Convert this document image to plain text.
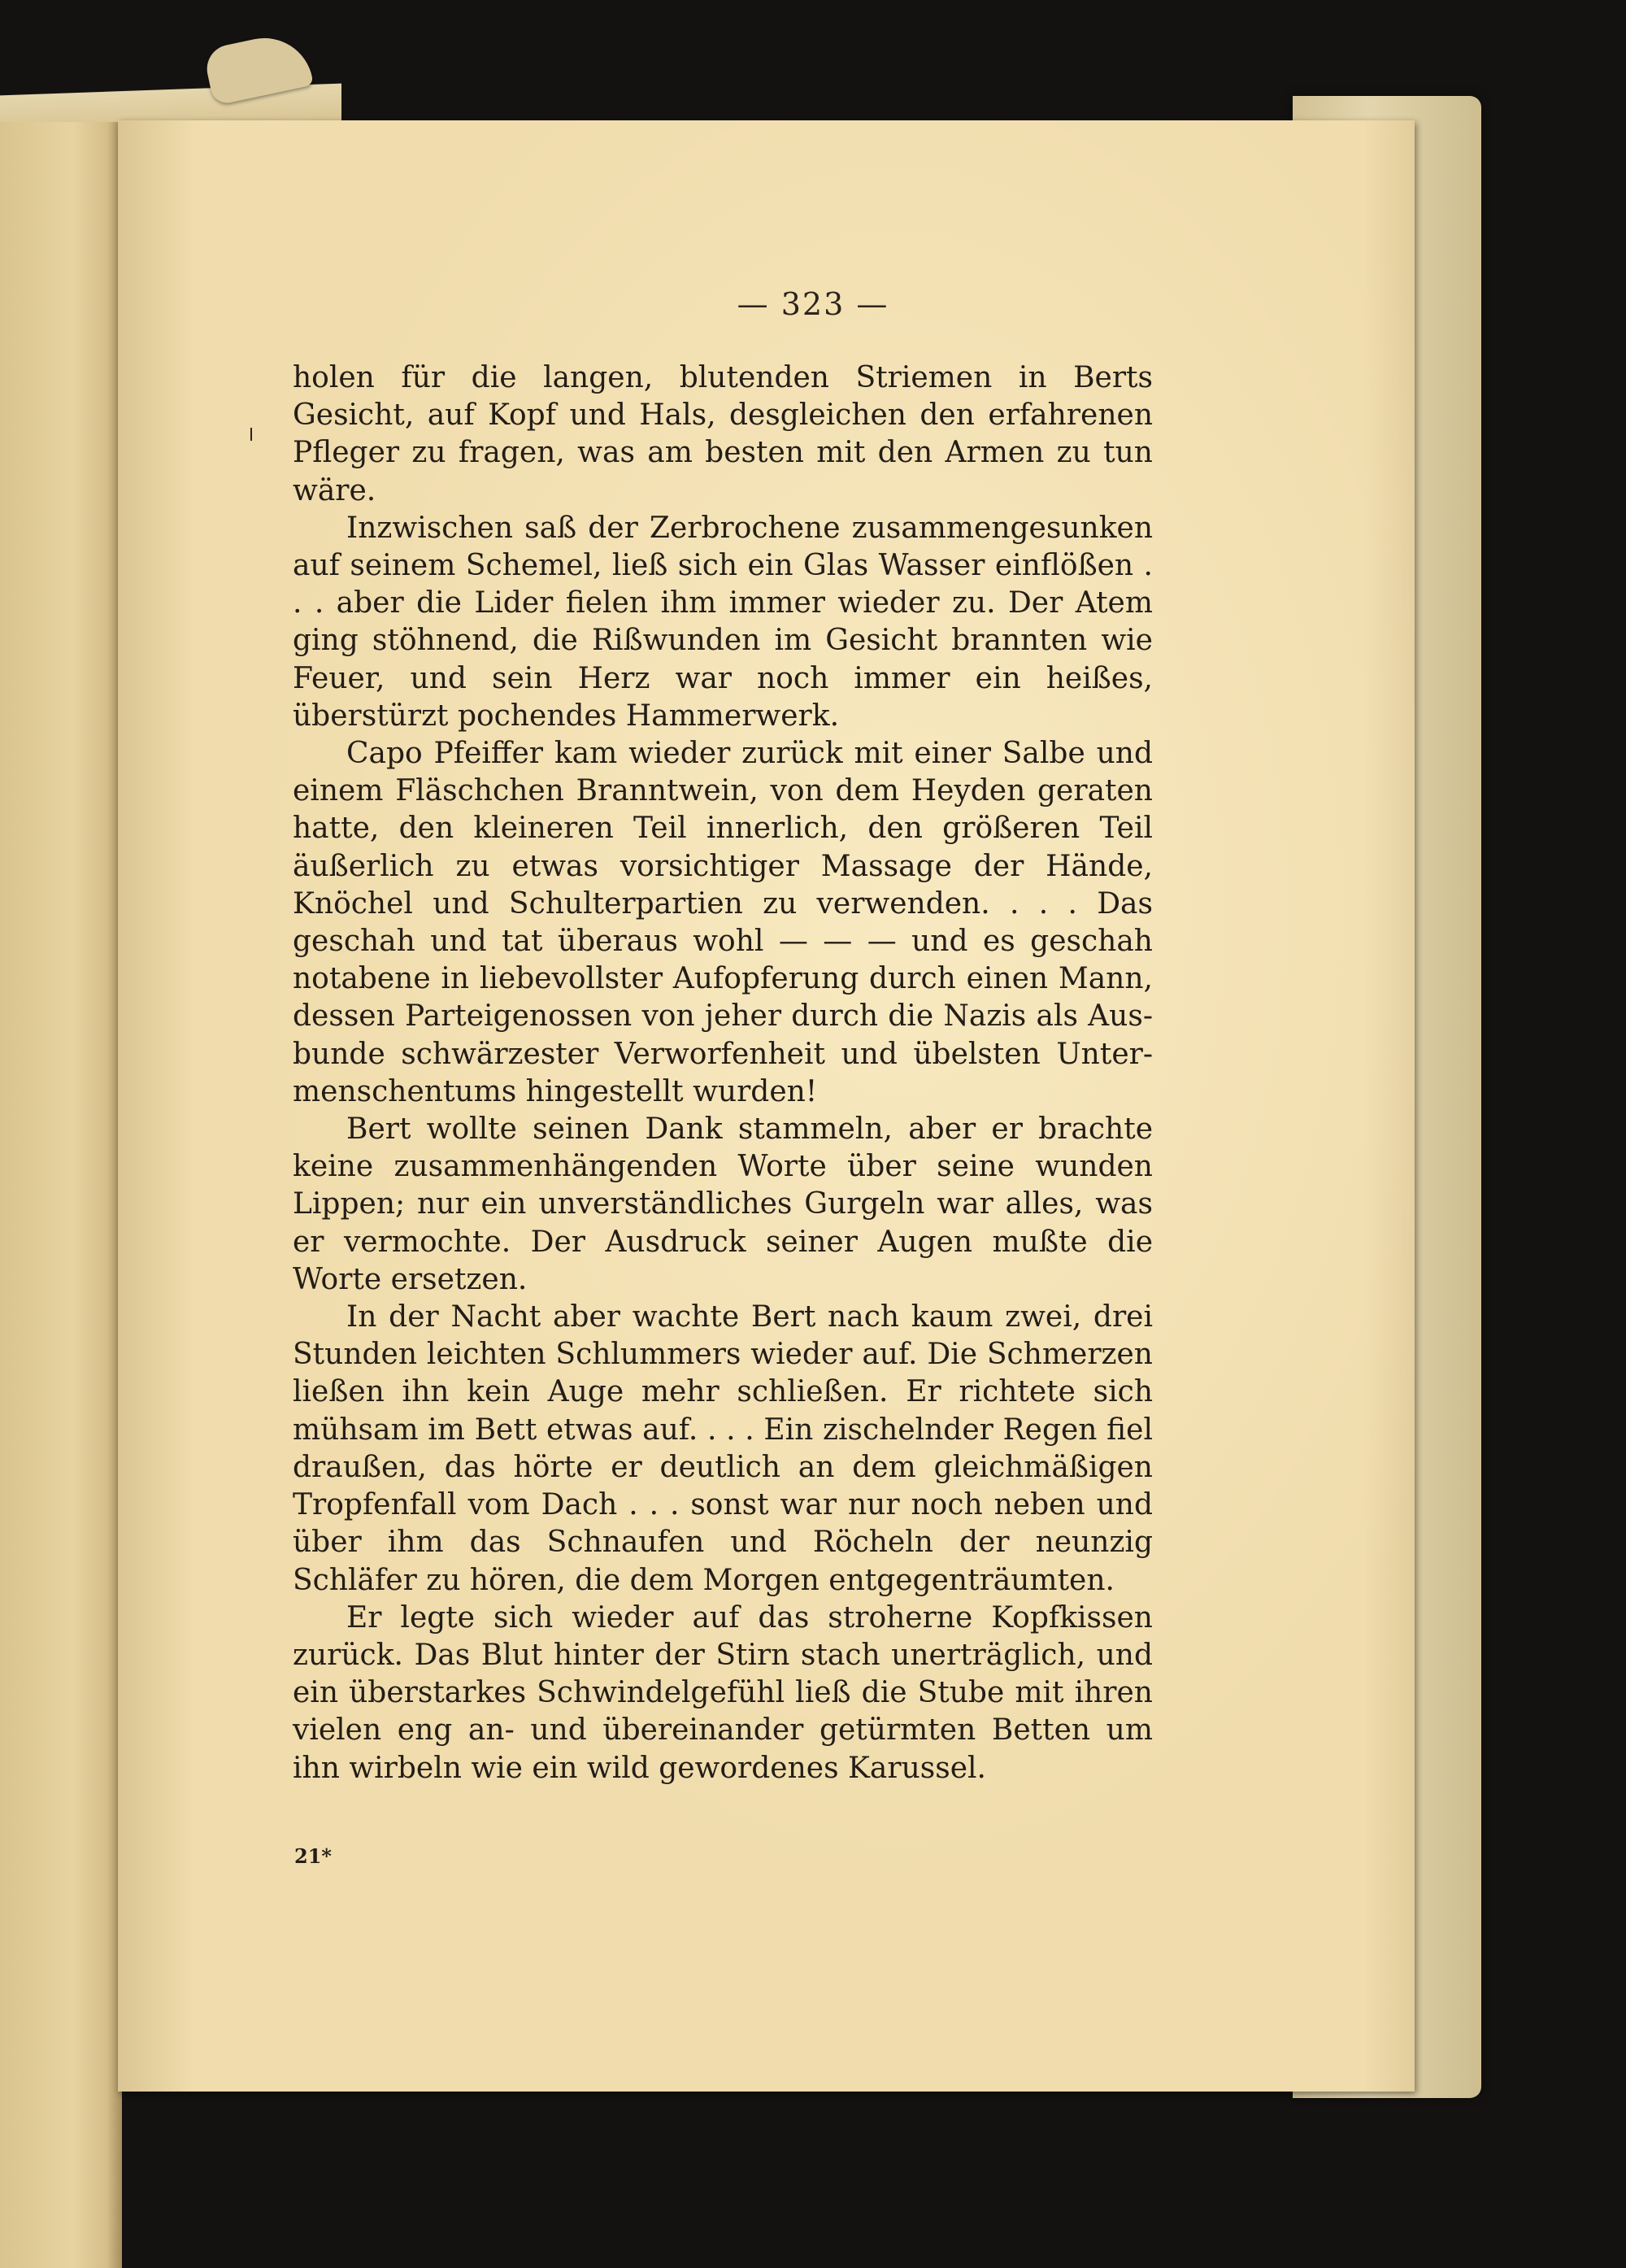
— 323 —

holen für die langen, blutenden Striemen in Berts Gesicht, auf Kopf und Hals, desgleichen den erfahrenen Pfleger zu fragen, was am besten mit den Armen zu tun wäre.

Inzwischen saß der Zerbrochene zusammengesunken auf seinem Schemel, ließ sich ein Glas Wasser einflößen . . . aber die Lider fielen ihm immer wieder zu. Der Atem ging stöhnend, die Rißwunden im Gesicht brannten wie Feuer, und sein Herz war noch immer ein heißes, überstürzt pochendes Hammerwerk.

Capo Pfeiffer kam wieder zurück mit einer Salbe und einem Fläschchen Branntwein, von dem Heyden geraten hatte, den kleineren Teil innerlich, den größeren Teil äußerlich zu etwas vorsichtiger Massage der Hände, Knöchel und Schulterpartien zu verwenden. . . . Das geschah und tat überaus wohl — — — und es geschah notabene in liebevollster Aufopferung durch einen Mann, dessen Parteigenossen von jeher durch die Nazis als Ausbunde schwärzester Verworfenheit und übelsten Untermenschentums hingestellt wurden!

Bert wollte seinen Dank stammeln, aber er brachte keine zusammenhängenden Worte über seine wunden Lippen; nur ein unverständliches Gurgeln war alles, was er vermochte. Der Ausdruck seiner Augen mußte die Worte ersetzen.

In der Nacht aber wachte Bert nach kaum zwei, drei Stunden leichten Schlummers wieder auf. Die Schmerzen ließen ihn kein Auge mehr schließen. Er richtete sich mühsam im Bett etwas auf. . . . Ein zischelnder Regen fiel draußen, das hörte er deutlich an dem gleichmäßigen Tropfenfall vom Dach . . . sonst war nur noch neben und über ihm das Schnaufen und Röcheln der neunzig Schläfer zu hören, die dem Morgen entgegenträumten.

Er legte sich wieder auf das stroherne Kopfkissen zurück. Das Blut hinter der Stirn stach unerträglich, und ein überstarkes Schwindelgefühl ließ die Stube mit ihren vielen eng an- und übereinander getürmten Betten um ihn wirbeln wie ein wild gewordenes Karussel.

21*
